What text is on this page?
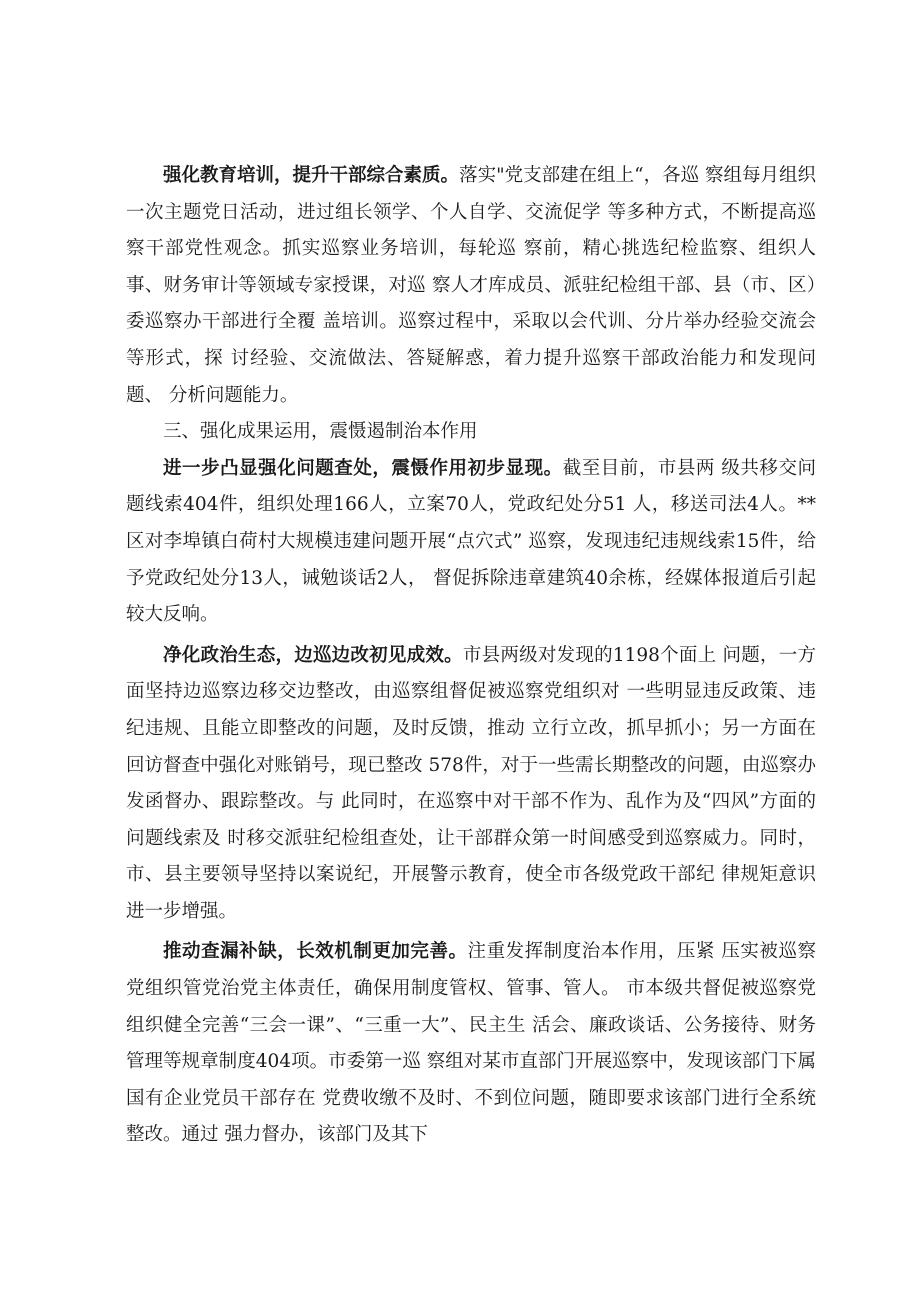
强化教育培训，提升干部综合素质。落实"党支部建在组上“，各巡 察组每月组织一次主题党日活动，进过组长领学、个人自学、交流促学 等多种方式，不断提高巡察干部党性观念。抓实巡察业务培训，每轮巡 察前，精心挑选纪检监察、组织人事、财务审计等领域专家授课，对巡 察人才库成员、派驻纪检组干部、县（市、区）委巡察办干部进行全覆 盖培训。巡察过程中，采取以会代训、分片举办经验交流会等形式，探 讨经验、交流做法、答疑解惑，着力提升巡察干部政治能力和发现问题、 分析问题能力。

三、强化成果运用，震慑遏制治本作用

进一步凸显强化问题查处，震慑作用初步显现。截至目前，市县两 级共移交问题线索404件，组织处理166人，立案70人，党政纪处分51 人，移送司法4人。**区对李埠镇白荷村大规模违建问题开展“点穴式” 巡察，发现违纪违规线索15件，给予党政纪处分13人，诫勉谈话2人， 督促拆除违章建筑40余栋，经媒体报道后引起较大反响。

净化政治生态，边巡边改初见成效。市县两级对发现的1198个面上 问题，一方面坚持边巡察边移交边整改，由巡察组督促被巡察党组织对 一些明显违反政策、违纪违规、且能立即整改的问题，及时反馈，推动 立行立改，抓早抓小；另一方面在回访督查中强化对账销号，现已整改 578件，对于一些需长期整改的问题，由巡察办发函督办、跟踪整改。与 此同时，在巡察中对干部不作为、乱作为及“四风”方面的问题线索及 时移交派驻纪检组查处，让干部群众第一时间感受到巡察威力。同时， 市、县主要领导坚持以案说纪，开展警示教育，使全市各级党政干部纪 律规矩意识进一步增强。

推动查漏补缺，长效机制更加完善。注重发挥制度治本作用，压紧 压实被巡察党组织管党治党主体责任，确保用制度管权、管事、管人。 市本级共督促被巡察党组织健全完善“三会一课”、“三重一大”、民主生 活会、廉政谈话、公务接待、财务管理等规章制度404项。市委第一巡 察组对某市直部门开展巡察中，发现该部门下属国有企业党员干部存在 党费收缴不及时、不到位问题，随即要求该部门进行全系统整改。通过 强力督办，该部门及其下
